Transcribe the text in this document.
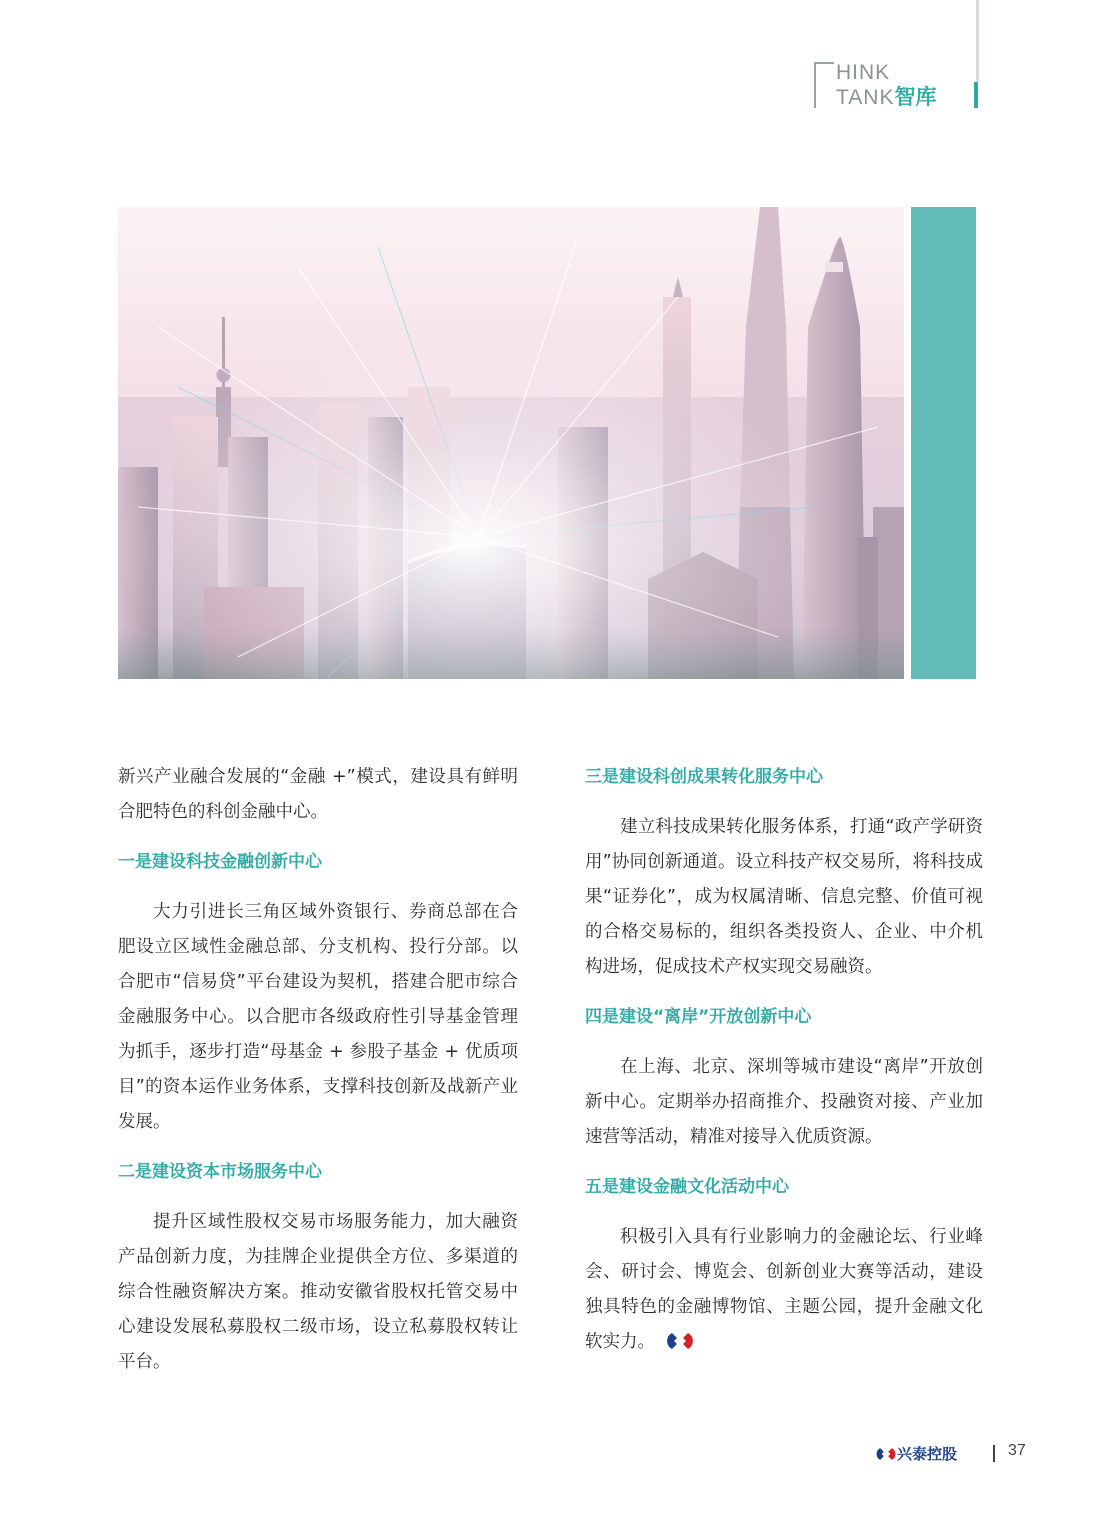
HINK
TANK智库

新兴产业融合发展的“金融 +”模式，建设具有鲜明合肥特色的科创金融中心。

一是建设科技金融创新中心

大力引进长三角区域外资银行、券商总部在合肥设立区域性金融总部、分支机构、投行分部。以合肥市“信易贷”平台建设为契机，搭建合肥市综合金融服务中心。以合肥市各级政府性引导基金管理为抓手，逐步打造“母基金 + 参股子基金 + 优质项目”的资本运作业务体系，支撑科技创新及战新产业发展。

二是建设资本市场服务中心

提升区域性股权交易市场服务能力，加大融资产品创新力度，为挂牌企业提供全方位、多渠道的综合性融资解决方案。推动安徽省股权托管交易中心建设发展私募股权二级市场，设立私募股权转让平台。

三是建设科创成果转化服务中心

建立科技成果转化服务体系，打通“政产学研资用”协同创新通道。设立科技产权交易所，将科技成果“证券化”，成为权属清晰、信息完整、价值可视的合格交易标的，组织各类投资人、企业、中介机构进场，促成技术产权实现交易融资。

四是建设“离岸”开放创新中心

在上海、北京、深圳等城市建设“离岸”开放创新中心。定期举办招商推介、投融资对接、产业加速营等活动，精准对接导入优质资源。

五是建设金融文化活动中心

积极引入具有行业影响力的金融论坛、行业峰会、研讨会、博览会、创新创业大赛等活动，建设独具特色的金融博物馆、主题公园，提升金融文化软实力。

兴泰控股	37
